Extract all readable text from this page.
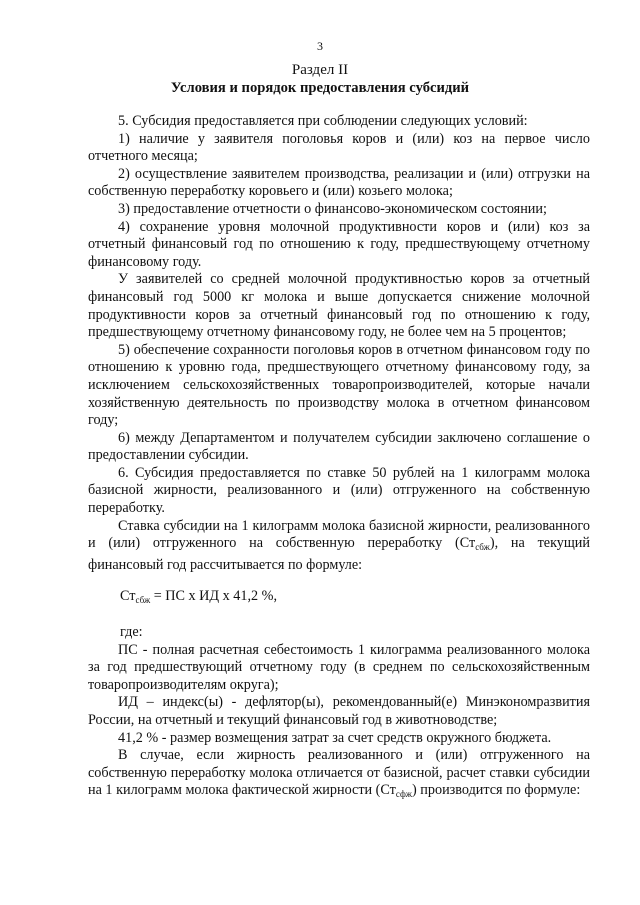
3
Раздел II
Условия и порядок предоставления субсидий

5. Субсидия предоставляется при соблюдении следующих условий:

1) наличие у заявителя поголовья коров и (или) коз на первое число отчетного месяца;

2) осуществление заявителем производства, реализации и (или) отгрузки на собственную переработку коровьего и (или) козьего молока;

3) предоставление отчетности о финансово-экономическом состоянии;

4) сохранение уровня молочной продуктивности коров и (или) коз за отчетный финансовый год по отношению к году, предшествующему отчетному финансовому году.

У заявителей со средней молочной продуктивностью коров за отчетный финансовый год 5000 кг молока и выше допускается снижение молочной продуктивности коров за отчетный финансовый год по отношению к году, предшествующему отчетному финансовому году, не более чем на 5 процентов;

5) обеспечение сохранности поголовья коров в отчетном финансовом году по отношению к уровню года, предшествующего отчетному финансовому году, за исключением сельскохозяйственных товаропроизводителей, которые начали хозяйственную деятельность по производству молока в отчетном финансовом году;

6) между Департаментом и получателем субсидии заключено соглашение о предоставлении субсидии.

6. Субсидия предоставляется по ставке 50 рублей на 1 килограмм молока базисной жирности, реализованного и (или) отгруженного на собственную переработку.

Ставка субсидии на 1 килограмм молока базисной жирности, реализованного и (или) отгруженного на собственную переработку $(Ст_{сбж})$, на текущий финансовый год рассчитывается по формуле:

$Ст_{сбж}$ = ПС х ИД х 41,2 %,

где:

ПС - полная расчетная себестоимость 1 килограмма реализованного молока за год предшествующий отчетному году (в среднем по сельскохозяйственным товаропроизводителям округа);

ИД – индекс(ы) - дефлятор(ы), рекомендованный(е) Минэкономразвития России, на отчетный и текущий финансовый год в животноводстве;

41,2 % - размер возмещения затрат за счет средств окружного бюджета.

В случае, если жирность реализованного и (или) отгруженного на собственную переработку молока отличается от базисной, расчет ставки субсидии на 1 килограмм молока фактической жирности $(Ст_{сфж})$ производится по формуле:
